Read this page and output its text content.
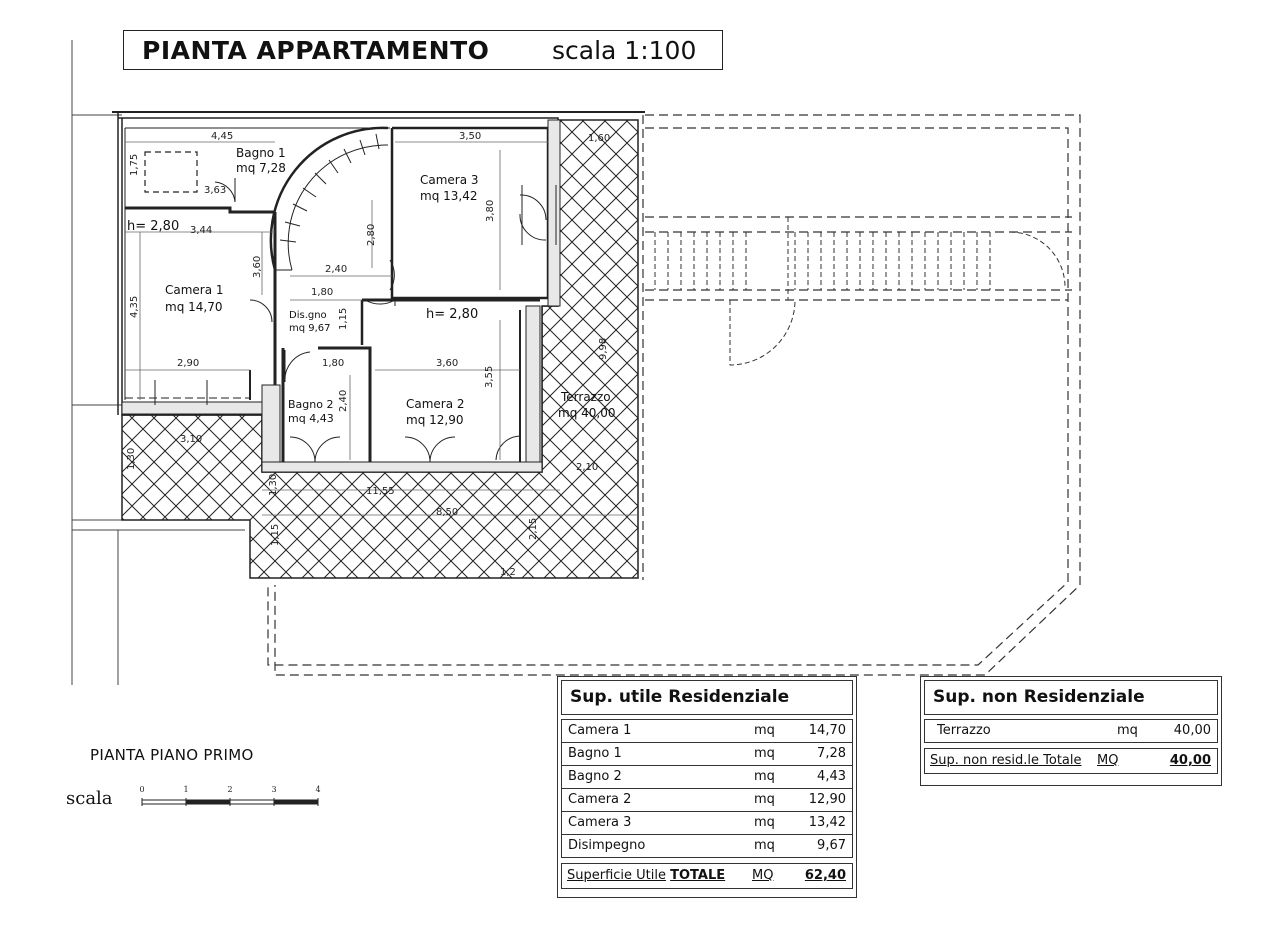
PIANTA APPARTAMENTO	scala 1:100
Bagno 1
mq 7,28
Camera 3
mq 13,42
Camera 1
mq 14,70
Dis.gno
mq 9,67
Camera 2
mq 12,90
Bagno 2
mq 4,43
Terrazzo
mq 40,00
h= 2,80
h= 2,80
4,45
1,75
3,63
3,50	1,60
3,80
3,44	2,80
3,60	2,40
1,80
4,35
1,15
2,90	1,80	3,60
3,55
2,40
9,98
3,10
2,10
1,30
11,55
8,50
2,15
1,30
1,15
1,2
0	1	2	3	4
PIANTA PIANO PRIMO
scala
Sup. utile Residenziale
Camera 1	mq	14,70
Bagno 1	mq	7,28
Bagno 2	mq	4,43
Camera 2	mq	12,90
Camera 3	mq	13,42
Disimpegno	mq	9,67
Superficie Utile TOTALE MQ 62,40
Sup. non Residenziale
Terrazzo	mq	40,00
Sup. non resid.le Totale MQ	40,00
